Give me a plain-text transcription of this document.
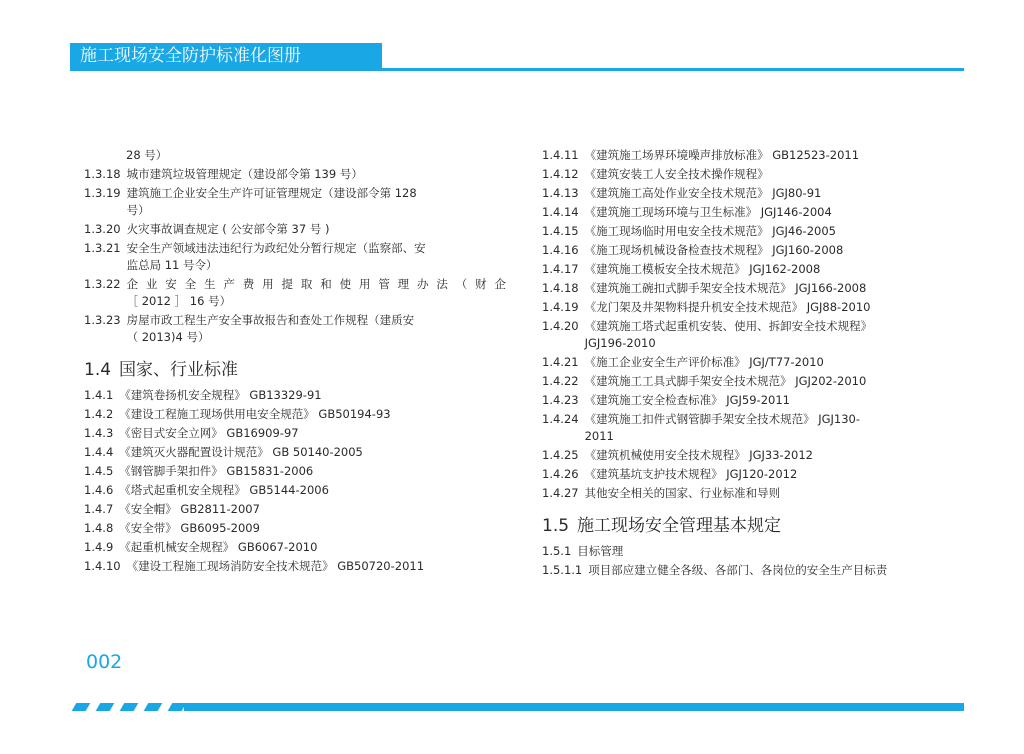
施工现场安全防护标准化图册
28 号）
1.3.18 城市建筑垃圾管理规定（建设部令第 139 号）
1.3.19 建筑施工企业安全生产许可证管理规定（建设部令第 128
号）
1.3.20 火灾事故调查规定 ( 公安部令第 37 号 )
1.3.21 安全生产领域违法违纪行为政纪处分暂行规定（监察部、安
监总局 11 号令）
1.3.22 企 业 安 全 生 产 费 用 提 取 和 使 用 管 理 办 法 （ 财 企
［ 2012 ］ 16 号）
1.3.23 房屋市政工程生产安全事故报告和查处工作规程（建质安
（ 2013)4 号）
1.4 国家、行业标准
1.4.1 《建筑卷扬机安全规程》 GB13329-91
1.4.2 《建设工程施工现场供用电安全规范》 GB50194-93
1.4.3 《密目式安全立网》 GB16909-97
1.4.4 《建筑灭火器配置设计规范》 GB 50140-2005
1.4.5 《钢管脚手架扣件》 GB15831-2006
1.4.6 《塔式起重机安全规程》 GB5144-2006
1.4.7 《安全帽》 GB2811-2007
1.4.8 《安全带》 GB6095-2009
1.4.9 《起重机械安全规程》 GB6067-2010
1.4.10 《建设工程施工现场消防安全技术规范》 GB50720-2011
1.4.11 《建筑施工场界环境噪声排放标准》 GB12523-2011
1.4.12 《建筑安装工人安全技术操作规程》
1.4.13 《建筑施工高处作业安全技术规范》 JGJ80-91
1.4.14 《建筑施工现场环境与卫生标准》 JGJ146-2004
1.4.15 《施工现场临时用电安全技术规范》 JGJ46-2005
1.4.16 《施工现场机械设备检查技术规程》 JGJ160-2008
1.4.17 《建筑施工模板安全技术规范》 JGJ162-2008
1.4.18 《建筑施工碗扣式脚手架安全技术规范》 JGJ166-2008
1.4.19 《龙门架及井架物料提升机安全技术规范》 JGJ88-2010
1.4.20 《建筑施工塔式起重机安装、使用、拆卸安全技术规程》
JGJ196-2010
1.4.21 《施工企业安全生产评价标准》 JGJ/T77-2010
1.4.22 《建筑施工工具式脚手架安全技术规范》 JGJ202-2010
1.4.23 《建筑施工安全检查标准》 JGJ59-2011
1.4.24 《建筑施工扣件式钢管脚手架安全技术规范》 JGJ130-
2011
1.4.25 《建筑机械使用安全技术规程》 JGJ33-2012
1.4.26 《建筑基坑支护技术规程》 JGJ120-2012
1.4.27 其他安全相关的国家、行业标准和导则
1.5 施工现场安全管理基本规定
1.5.1 目标管理
1.5.1.1 项目部应建立健全各级、各部门、各岗位的安全生产目标责
002
